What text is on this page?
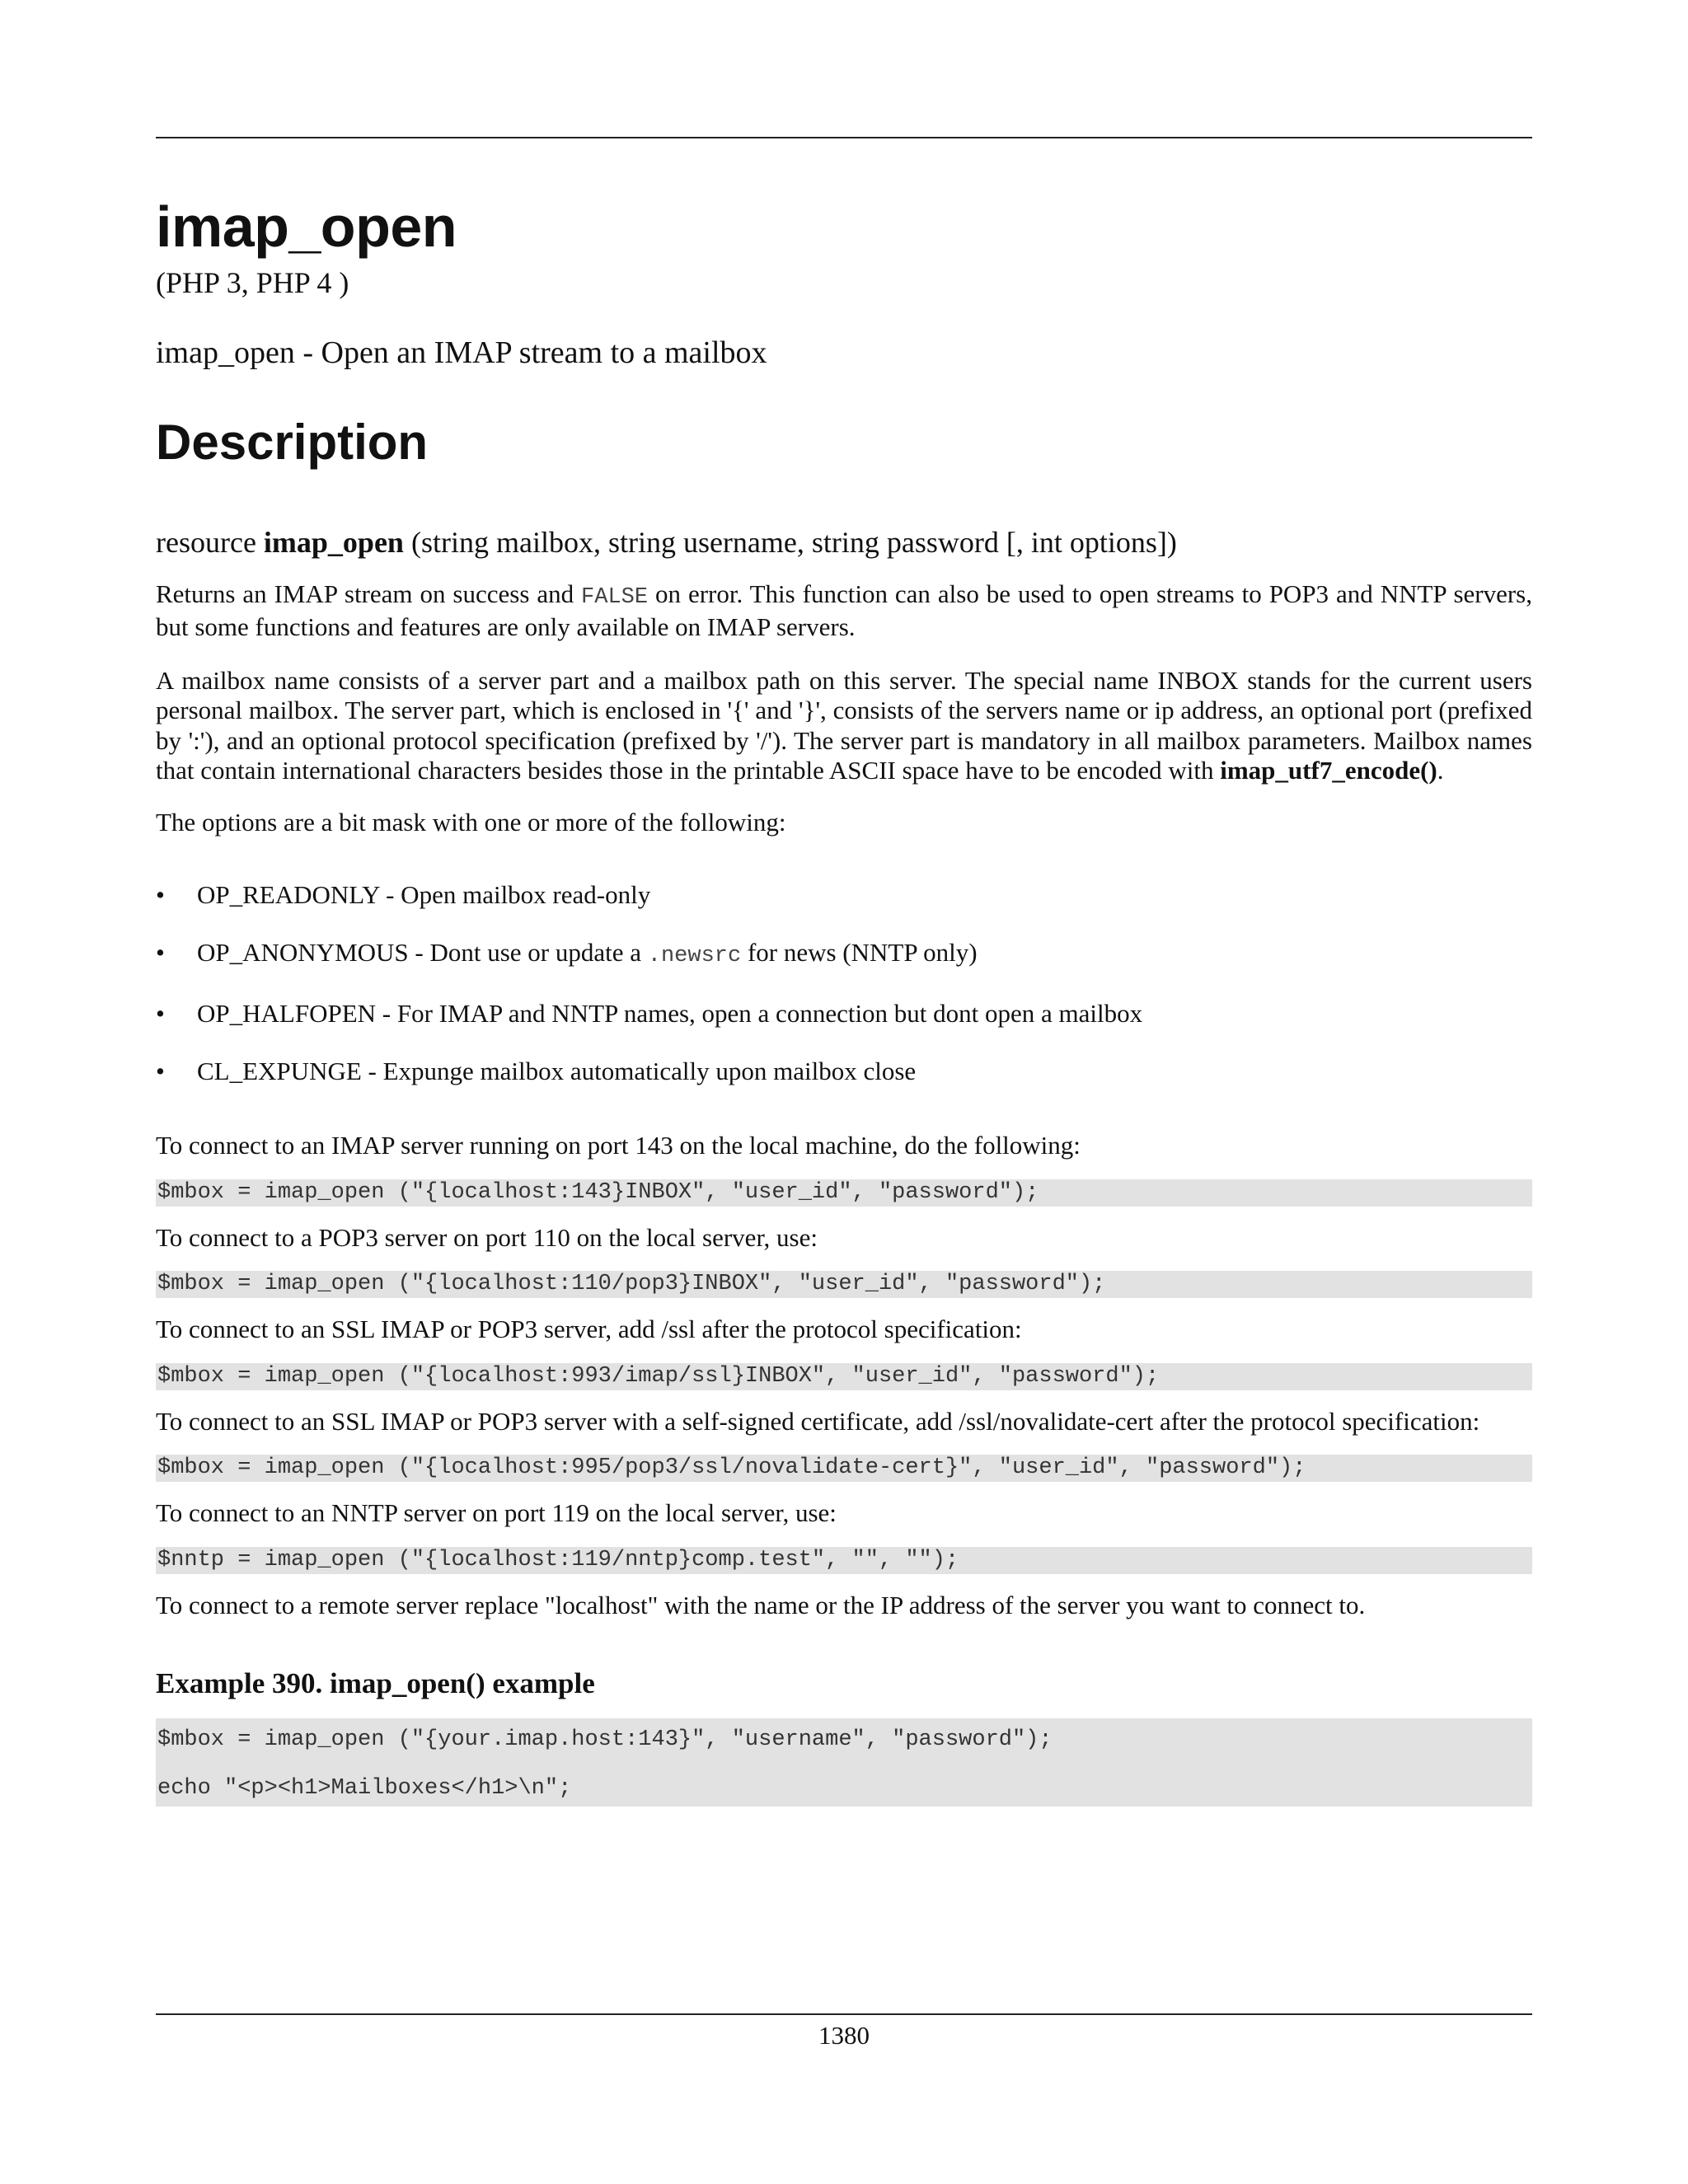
imap_open
(PHP 3, PHP 4 )
imap_open - Open an IMAP stream to a mailbox
Description
resource imap_open (string mailbox, string username, string password [, int options])

Returns an IMAP stream on success and FALSE on error. This function can also be used to open streams to POP3 and NNTP servers, but some functions and features are only available on IMAP servers.

A mailbox name consists of a server part and a mailbox path on this server. The special name INBOX stands for the current users personal mailbox. The server part, which is enclosed in '{' and '}', consists of the servers name or ip address, an optional port (prefixed by ':'), and an optional protocol specification (prefixed by '/'). The server part is mandatory in all mailbox parameters. Mailbox names that contain international characters besides those in the printable ASCII space have to be encoded with imap_utf7_encode().

The options are a bit mask with one or more of the following:

• OP_READONLY - Open mailbox read-only
• OP_ANONYMOUS - Dont use or update a .newsrc for news (NNTP only)
• OP_HALFOPEN - For IMAP and NNTP names, open a connection but dont open a mailbox
• CL_EXPUNGE - Expunge mailbox automatically upon mailbox close

To connect to an IMAP server running on port 143 on the local machine, do the following:

$mbox = imap_open ("{localhost:143}INBOX", "user_id", "password");

To connect to a POP3 server on port 110 on the local server, use:

$mbox = imap_open ("{localhost:110/pop3}INBOX", "user_id", "password");

To connect to an SSL IMAP or POP3 server, add /ssl after the protocol specification:

$mbox = imap_open ("{localhost:993/imap/ssl}INBOX", "user_id", "password");

To connect to an SSL IMAP or POP3 server with a self-signed certificate, add /ssl/novalidate-cert after the protocol specification:

$mbox = imap_open ("{localhost:995/pop3/ssl/novalidate-cert}", "user_id", "password");

To connect to an NNTP server on port 119 on the local server, use:

$nntp = imap_open ("{localhost:119/nntp}comp.test", "", "");

To connect to a remote server replace "localhost" with the name or the IP address of the server you want to connect to.

Example 390. imap_open() example

$mbox = imap_open ("{your.imap.host:143}", "username", "password");
echo "<p><h1>Mailboxes</h1>\n";
1380
